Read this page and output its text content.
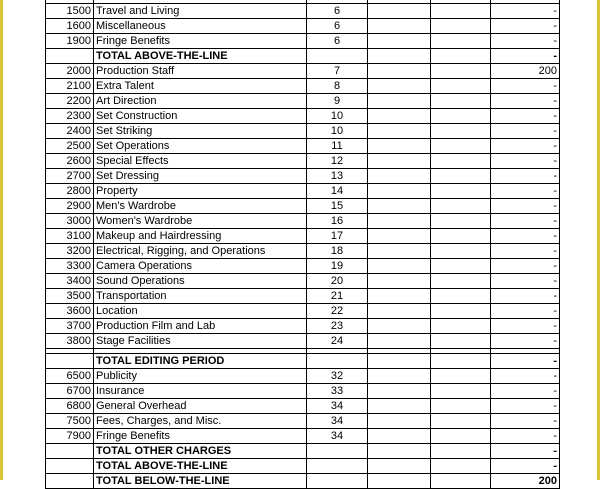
1500	Travel and Living	6			-
1600	Miscellaneous	6			-
1900	Fringe Benefits	6			-
	TOTAL ABOVE-THE-LINE				-
2000	Production Staff	7			200
2100	Extra Talent	8			-
2200	Art Direction	9			-
2300	Set Construction	10			-
2400	Set Striking	10			-
2500	Set Operations	11			-
2600	Special Effects	12			-
2700	Set Dressing	13			-
2800	Property	14			-
2900	Men's Wardrobe	15			-
3000	Women's Wardrobe	16			-
3100	Makeup and Hairdressing	17			-
3200	Electrical, Rigging, and Operations	18			-
3300	Camera Operations	19			-
3400	Sound Operations	20			-
3500	Transportation	21			-
3600	Location	22			-
3700	Production Film and Lab	23			-
3800	Stage Facilities	24			-

	TOTAL EDITING PERIOD				-
6500	Publicity	32			-
6700	Insurance	33			-
6800	General Overhead	34			-
7500	Fees, Charges, and Misc.	34			-
7900	Fringe Benefits	34			-
	TOTAL OTHER CHARGES				-
	TOTAL ABOVE-THE-LINE				-
	TOTAL BELOW-THE-LINE				200
